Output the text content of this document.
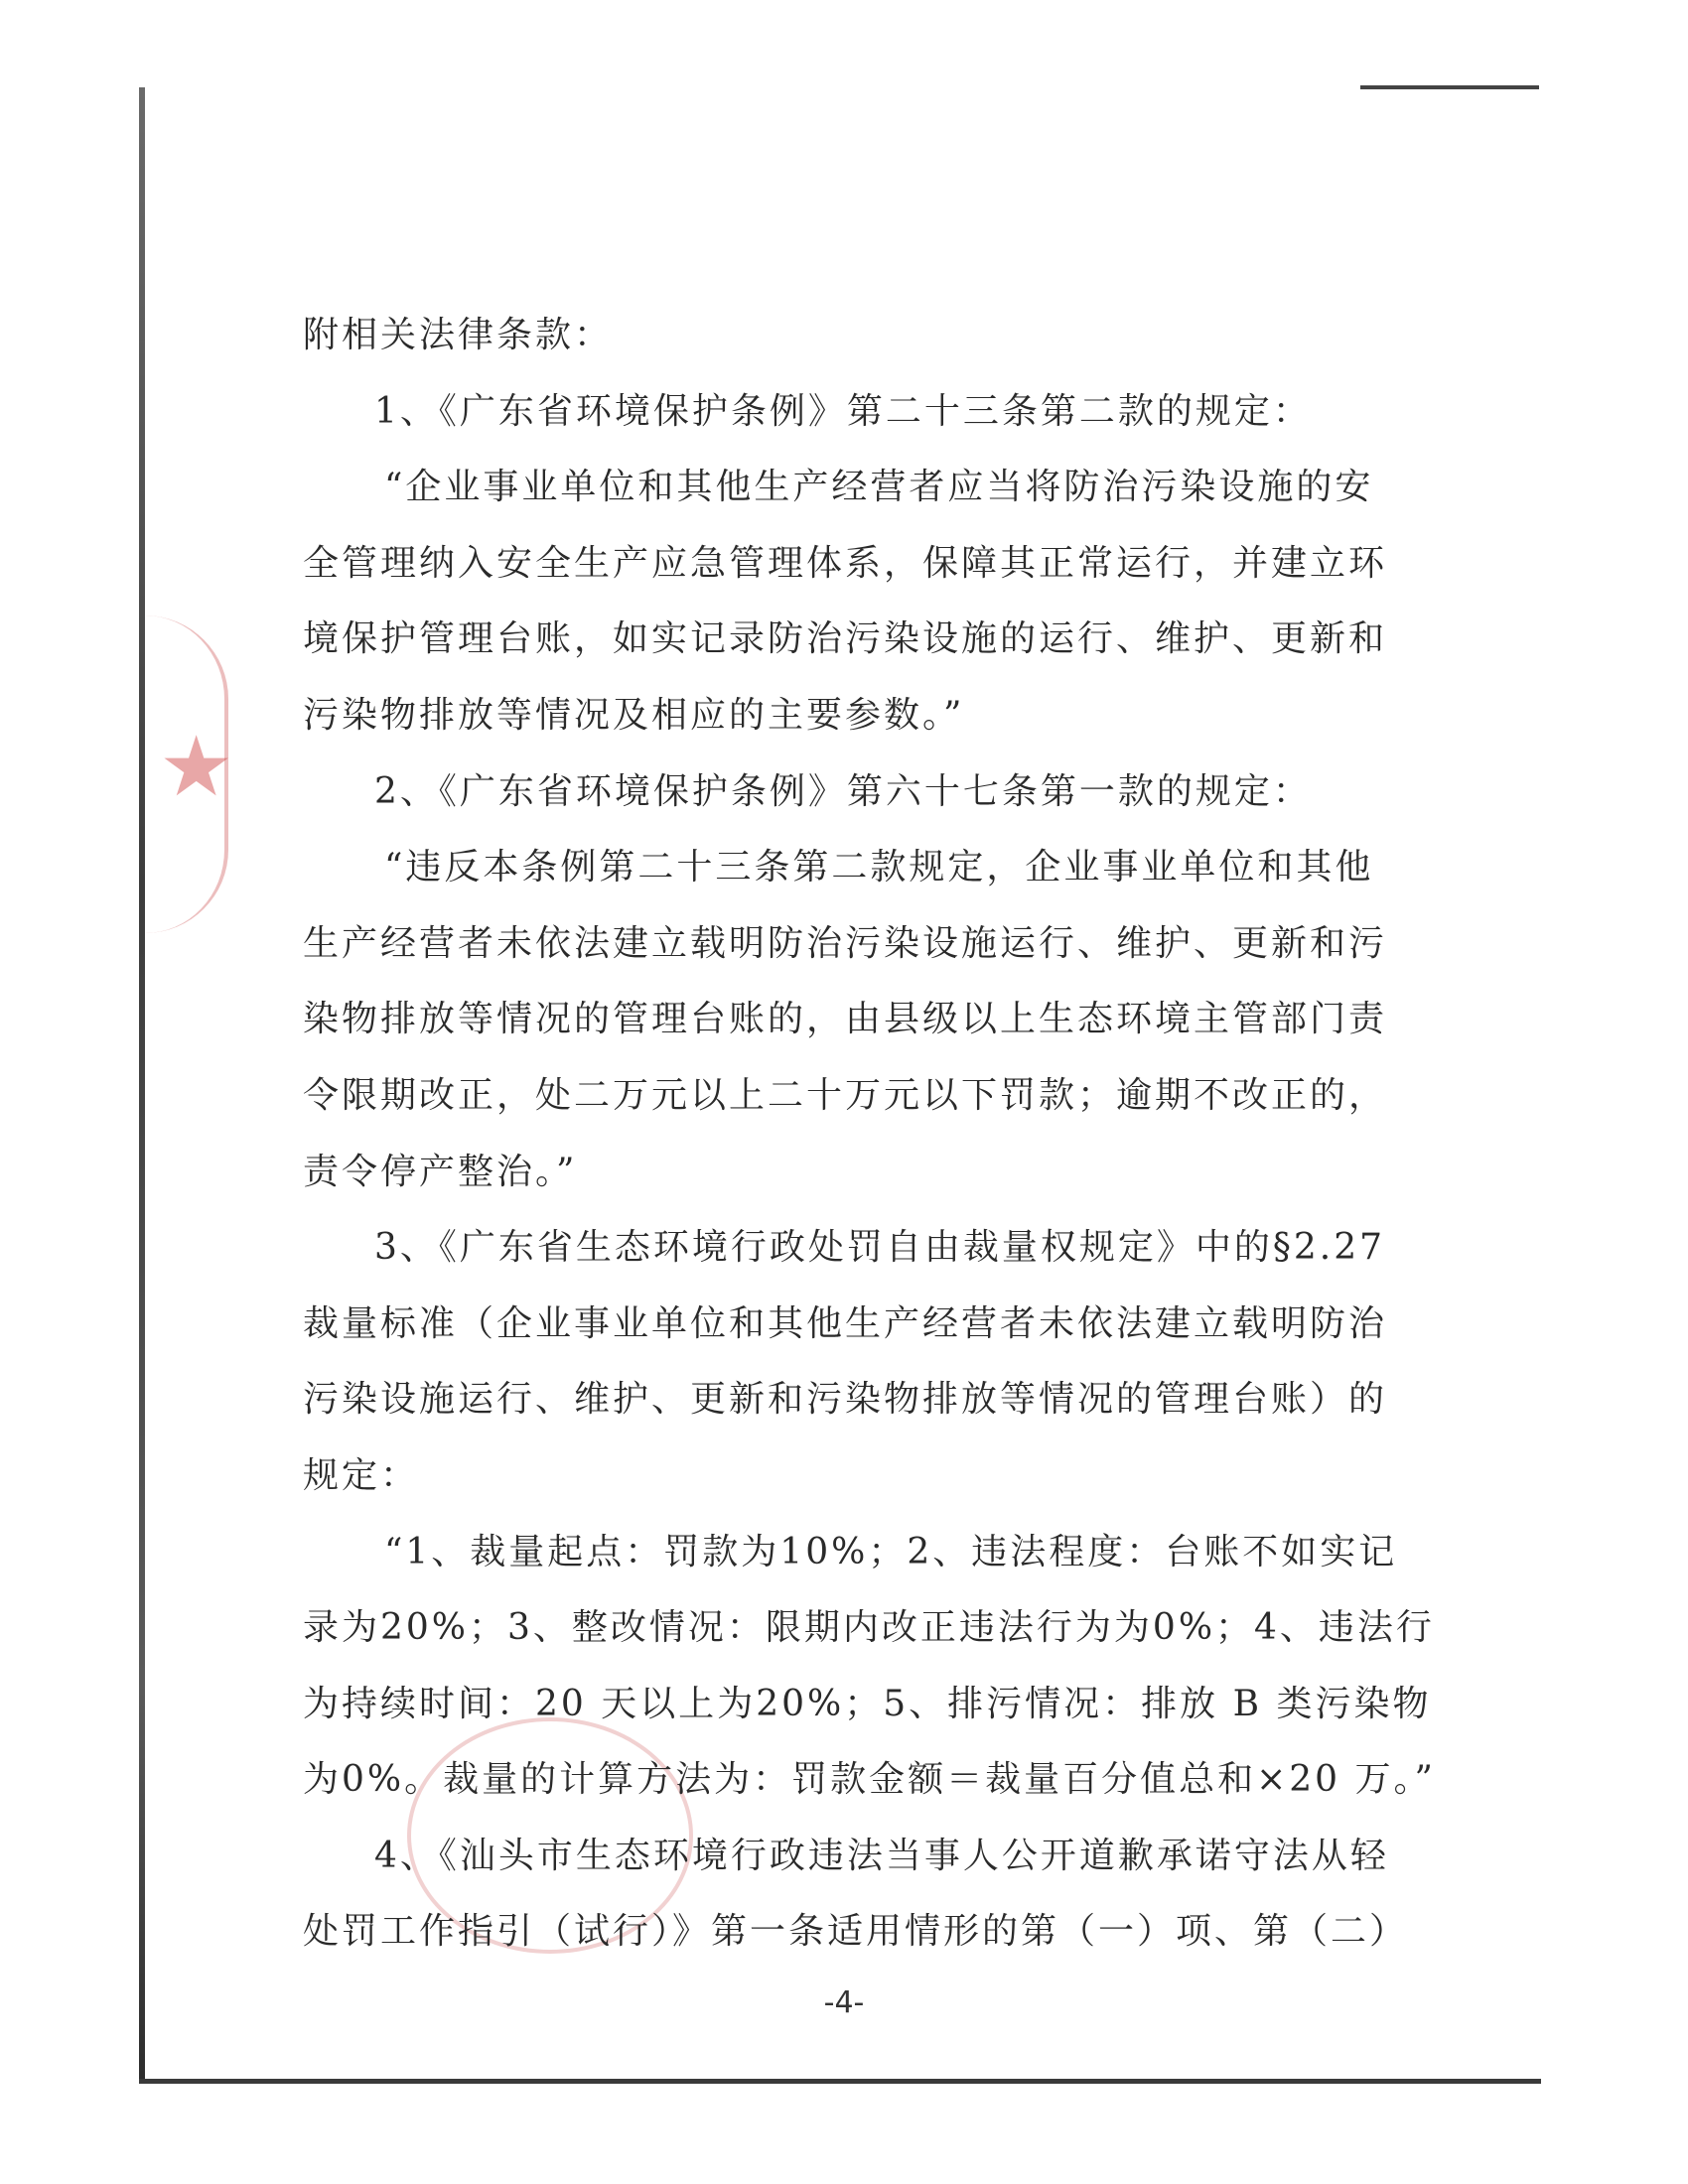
★
附相关法律条款：
1、《广东省环境保护条例》第二十三条第二款的规定：
“企业事业单位和其他生产经营者应当将防治污染设施的安
全管理纳入安全生产应急管理体系，保障其正常运行，并建立环
境保护管理台账，如实记录防治污染设施的运行、维护、更新和
污染物排放等情况及相应的主要参数。”
2、《广东省环境保护条例》第六十七条第一款的规定：
“违反本条例第二十三条第二款规定，企业事业单位和其他
生产经营者未依法建立载明防治污染设施运行、维护、更新和污
染物排放等情况的管理台账的，由县级以上生态环境主管部门责
令限期改正，处二万元以上二十万元以下罚款；逾期不改正的，
责令停产整治。”
3、《广东省生态环境行政处罚自由裁量权规定》中的§2.27
裁量标准（企业事业单位和其他生产经营者未依法建立载明防治
污染设施运行、维护、更新和污染物排放等情况的管理台账）的
规定：
“1、裁量起点：罚款为10%；2、违法程度：台账不如实记
录为20%；3、整改情况：限期内改正违法行为为0%；4、违法行
为持续时间：20 天以上为20%；5、排污情况：排放 B 类污染物
为0%。裁量的计算方法为：罚款金额＝裁量百分值总和×20 万。”
4、《汕头市生态环境行政违法当事人公开道歉承诺守法从轻
处罚工作指引（试行）》第一条适用情形的第（一）项、第（二）
-4-
